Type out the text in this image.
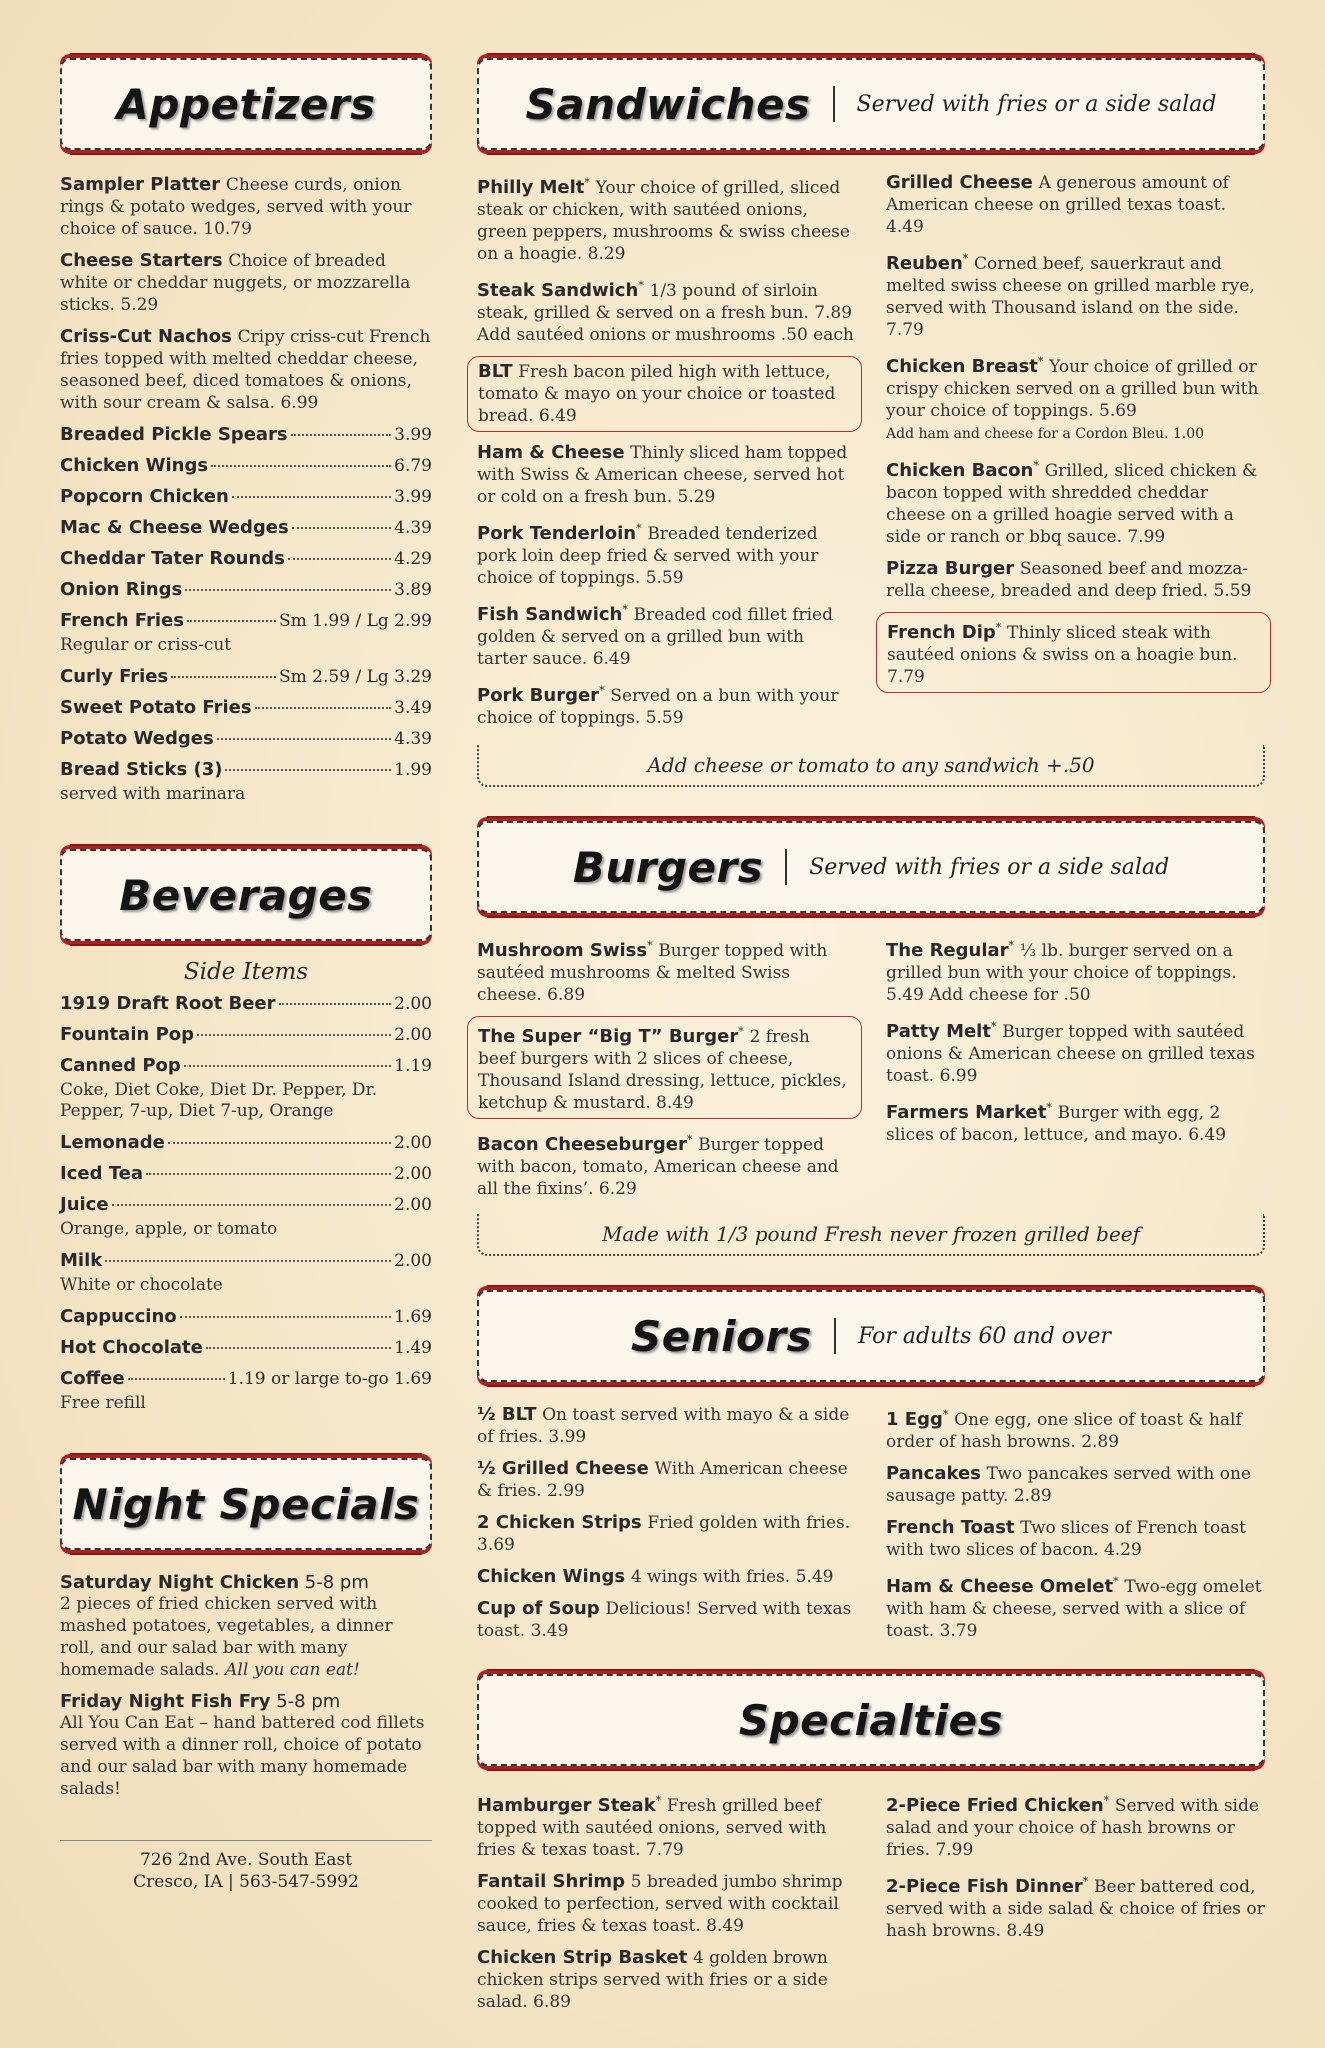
Appetizers
Sampler Platter Cheese curds, onion rings & potato wedges, served with your choice of sauce. 10.79
Cheese Starters Choice of breaded white or cheddar nuggets, or mozzarella sticks. 5.29
Criss-Cut Nachos Cripy criss-cut French fries topped with melted cheddar cheese, seasoned beef, diced tomatoes & onions, with sour cream & salsa. 6.99
Breaded Pickle Spears	3.99
Chicken Wings	6.79
Popcorn Chicken	3.99
Mac & Cheese Wedges	4.39
Cheddar Tater Rounds	4.29
Onion Rings	3.89
French Fries	Sm 1.99 / Lg 2.99
Regular or criss-cut
Curly Fries	Sm 2.59 / Lg 3.29
Sweet Potato Fries	3.49
Potato Wedges	4.39
Bread Sticks (3)	1.99
served with marinara
Beverages
Side Items
1919 Draft Root Beer	2.00
Fountain Pop	2.00
Canned Pop	1.19
Coke, Diet Coke, Diet Dr. Pepper, Dr. Pepper, 7-up, Diet 7-up, Orange
Lemonade	2.00
Iced Tea	2.00
Juice	2.00
Orange, apple, or tomato
Milk	2.00
White or chocolate
Cappuccino	1.69
Hot Chocolate	1.49
Coffee	1.19 or large to-go 1.69
Free refill
Night Specials
Saturday Night Chicken 5-8 pm
2 pieces of fried chicken served with mashed potatoes, vegetables, a dinner roll, and our salad bar with many homemade salads. All you can eat!
Friday Night Fish Fry 5-8 pm
All You Can Eat – hand battered cod fillets served with a dinner roll, choice of potato and our salad bar with many homemade salads!
726 2nd Ave. South East
Cresco, IA | 563-547-5992
Sandwiches Served with fries or a side salad
Philly Melt* Your choice of grilled, sliced steak or chicken, with sautéed onions, green peppers, mushrooms & swiss cheese on a hoagie. 8.29
Steak Sandwich* 1/3 pound of sirloin steak, grilled & served on a fresh bun. 7.89 Add sautéed onions or mushrooms .50 each
BLT Fresh bacon piled high with lettuce, tomato & mayo on your choice or toasted bread. 6.49
Ham & Cheese Thinly sliced ham topped with Swiss & American cheese, served hot or cold on a fresh bun. 5.29
Pork Tenderloin* Breaded tenderized pork loin deep fried & served with your choice of toppings. 5.59
Fish Sandwich* Breaded cod fillet fried golden & served on a grilled bun with tarter sauce. 6.49
Pork Burger* Served on a bun with your choice of toppings. 5.59
Grilled Cheese A generous amount of American cheese on grilled texas toast. 4.49
Reuben* Corned beef, sauerkraut and melted swiss cheese on grilled marble rye, served with Thousand island on the side. 7.79
Chicken Breast* Your choice of grilled or crispy chicken served on a grilled bun with your choice of toppings. 5.69
Add ham and cheese for a Cordon Bleu. 1.00
Chicken Bacon* Grilled, sliced chicken & bacon topped with shredded cheddar cheese on a grilled hoagie served with a side or ranch or bbq sauce. 7.99
Pizza Burger Seasoned beef and mozza-rella cheese, breaded and deep fried. 5.59
French Dip* Thinly sliced steak with sautéed onions & swiss on a hoagie bun. 7.79
Add cheese or tomato to any sandwich +.50
Burgers Served with fries or a side salad
Mushroom Swiss* Burger topped with sautéed mushrooms & melted Swiss cheese. 6.89
The Super “Big T” Burger* 2 fresh beef burgers with 2 slices of cheese, Thousand Island dressing, lettuce, pickles, ketchup & mustard. 8.49
Bacon Cheeseburger* Burger topped with bacon, tomato, American cheese and all the fixins’. 6.29
The Regular* ⅓ lb. burger served on a grilled bun with your choice of toppings. 5.49 Add cheese for .50
Patty Melt* Burger topped with sautéed onions & American cheese on grilled texas toast. 6.99
Farmers Market* Burger with egg, 2 slices of bacon, lettuce, and mayo. 6.49
Made with 1/3 pound Fresh never frozen grilled beef
Seniors For adults 60 and over
½ BLT On toast served with mayo & a side of fries. 3.99
½ Grilled Cheese With American cheese & fries. 2.99
2 Chicken Strips Fried golden with fries. 3.69
Chicken Wings 4 wings with fries. 5.49
Cup of Soup Delicious! Served with texas toast. 3.49
1 Egg* One egg, one slice of toast & half order of hash browns. 2.89
Pancakes Two pancakes served with one sausage patty. 2.89
French Toast Two slices of French toast with two slices of bacon. 4.29
Ham & Cheese Omelet* Two-egg omelet with ham & cheese, served with a slice of toast. 3.79
Specialties
Hamburger Steak* Fresh grilled beef topped with sautéed onions, served with fries & texas toast. 7.79
Fantail Shrimp 5 breaded jumbo shrimp cooked to perfection, served with cocktail sauce, fries & texas toast. 8.49
Chicken Strip Basket 4 golden brown chicken strips served with fries or a side salad. 6.89
2-Piece Fried Chicken* Served with side salad and your choice of hash browns or fries. 7.99
2-Piece Fish Dinner* Beer battered cod, served with a side salad & choice of fries or hash browns. 8.49
